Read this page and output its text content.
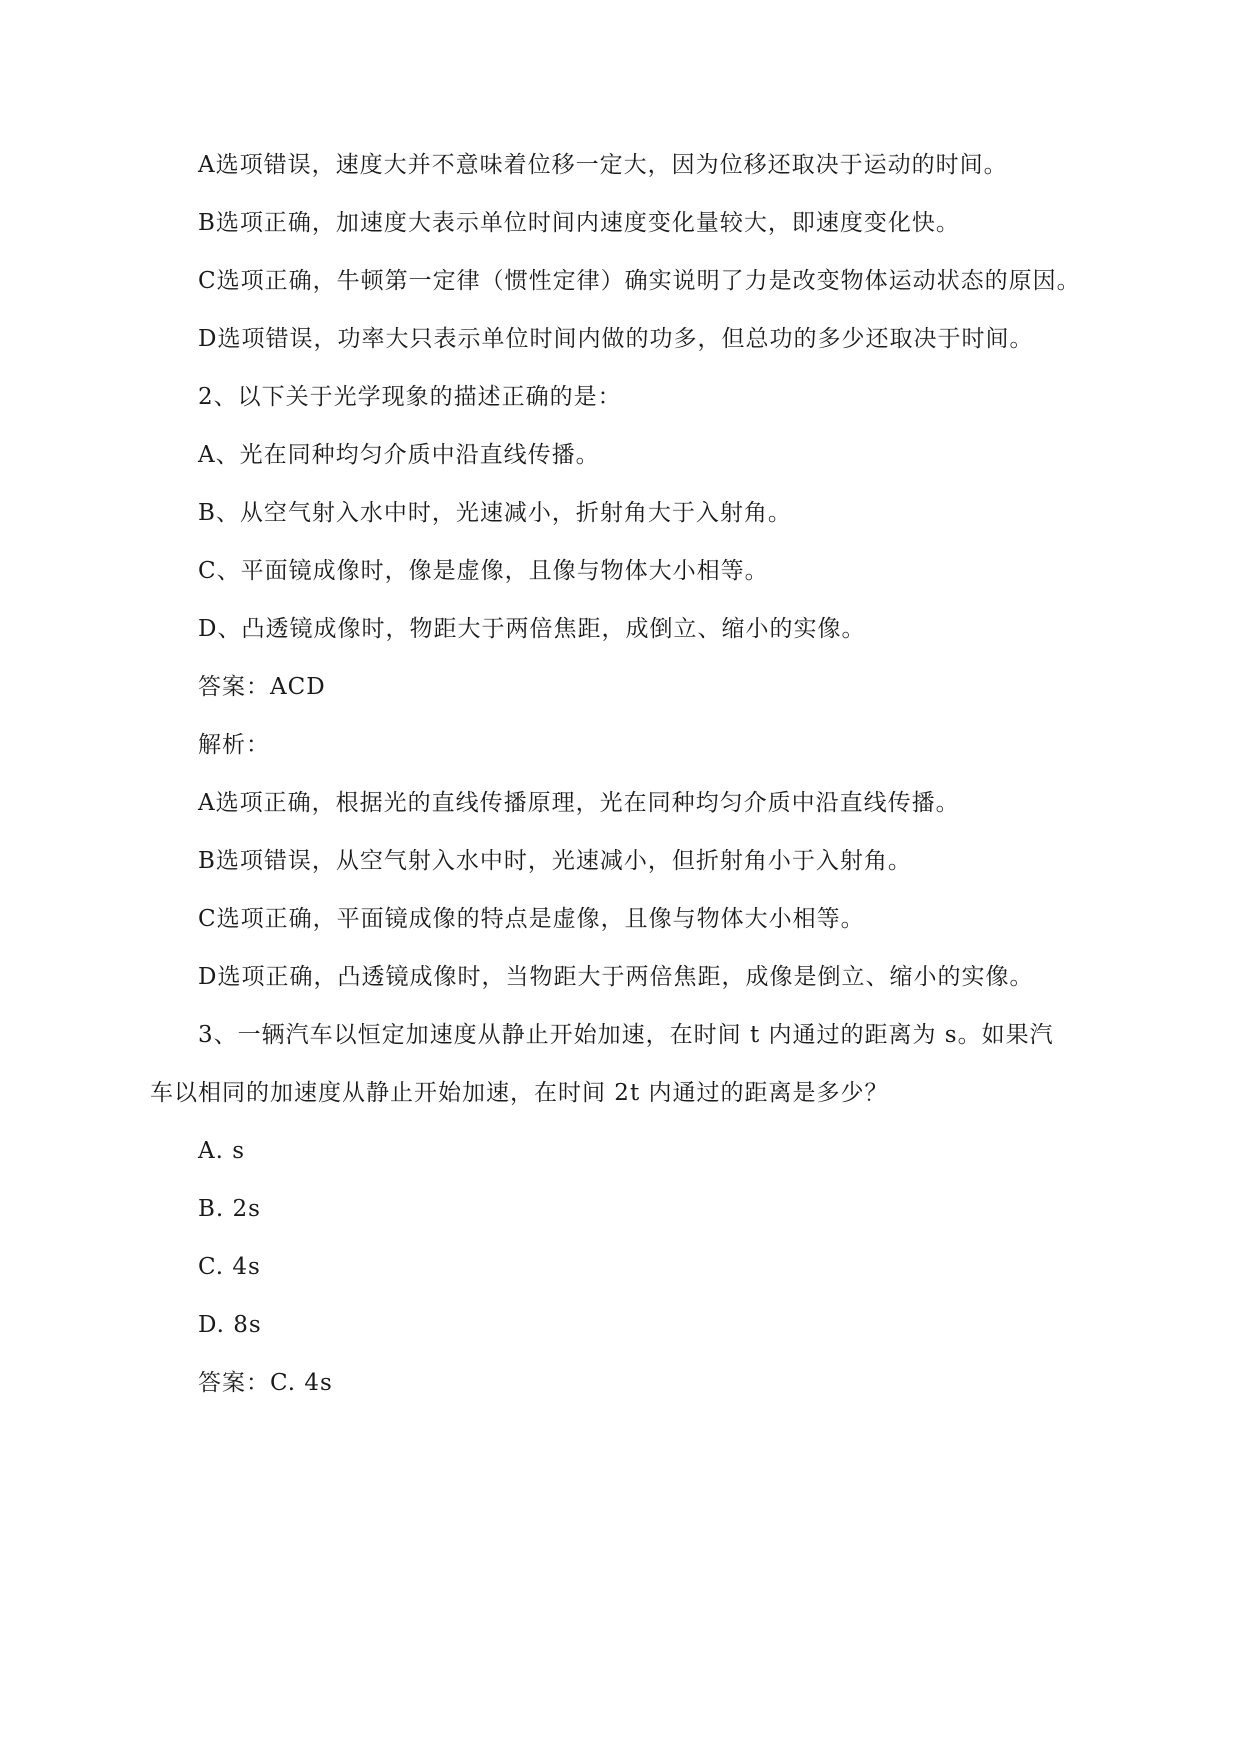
A选项错误，速度大并不意味着位移一定大，因为位移还取决于运动的时间。
B选项正确，加速度大表示单位时间内速度变化量较大，即速度变化快。
C选项正确，牛顿第一定律（惯性定律）确实说明了力是改变物体运动状态的原因。
D选项错误，功率大只表示单位时间内做的功多，但总功的多少还取决于时间。
2、以下关于光学现象的描述正确的是：
A、光在同种均匀介质中沿直线传播。
B、从空气射入水中时，光速减小，折射角大于入射角。
C、平面镜成像时，像是虚像，且像与物体大小相等。
D、凸透镜成像时，物距大于两倍焦距，成倒立、缩小的实像。
答案：ACD
解析：
A选项正确，根据光的直线传播原理，光在同种均匀介质中沿直线传播。
B选项错误，从空气射入水中时，光速减小，但折射角小于入射角。
C选项正确，平面镜成像的特点是虚像，且像与物体大小相等。
D选项正确，凸透镜成像时，当物距大于两倍焦距，成像是倒立、缩小的实像。
3、一辆汽车以恒定加速度从静止开始加速，在时间 t 内通过的距离为 s。如果汽
车以相同的加速度从静止开始加速，在时间 2t 内通过的距离是多少？
A. s
B. 2s
C. 4s
D. 8s
答案：C. 4s
